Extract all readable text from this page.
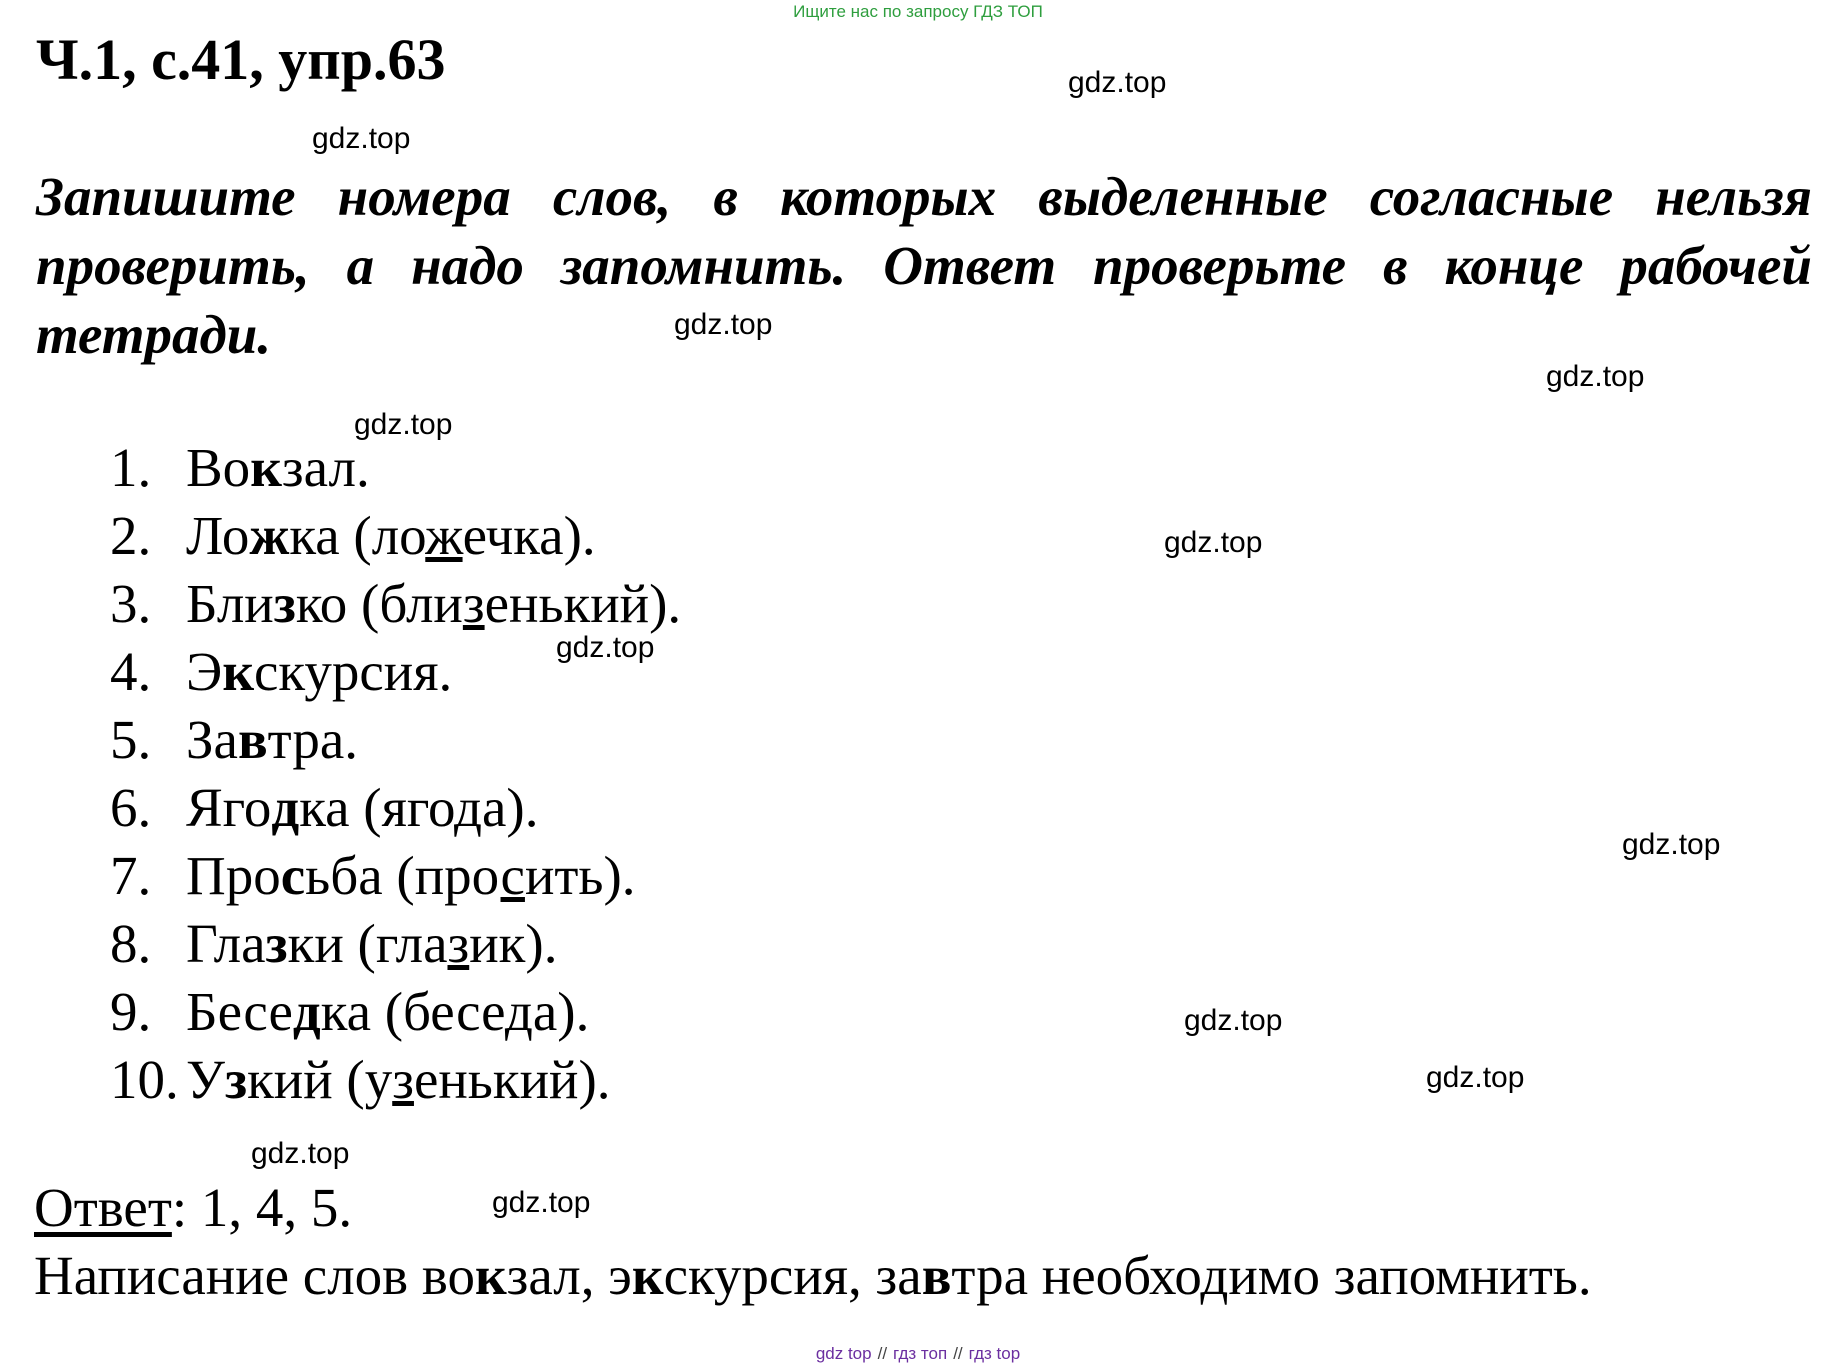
Ищите нас по запросу ГДЗ ТОП
Ч.1, с.41, упр.63
Запишите номера слов, в которых выделенные согласные нельзя проверить, а надо запомнить. Ответ проверьте в конце рабочей тетради.
1. Вокзал.
2. Ложка (ложечка).
3. Близко (близенький).
4. Экскурсия.
5. Завтра.
6. Ягодка (ягода).
7. Просьба (просить).
8. Глазки (глазик).
9. Беседка (беседа).
10. Узкий (узенький).
Ответ: 1, 4, 5.
Написание слов вокзал, экскурсия, завтра необходимо запомнить.
gdz.top
gdz.top
gdz.top
gdz.top
gdz.top
gdz.top
gdz.top
gdz.top
gdz.top
gdz.top
gdz.top
gdz.top
gdz top // гдз топ // гдз top
